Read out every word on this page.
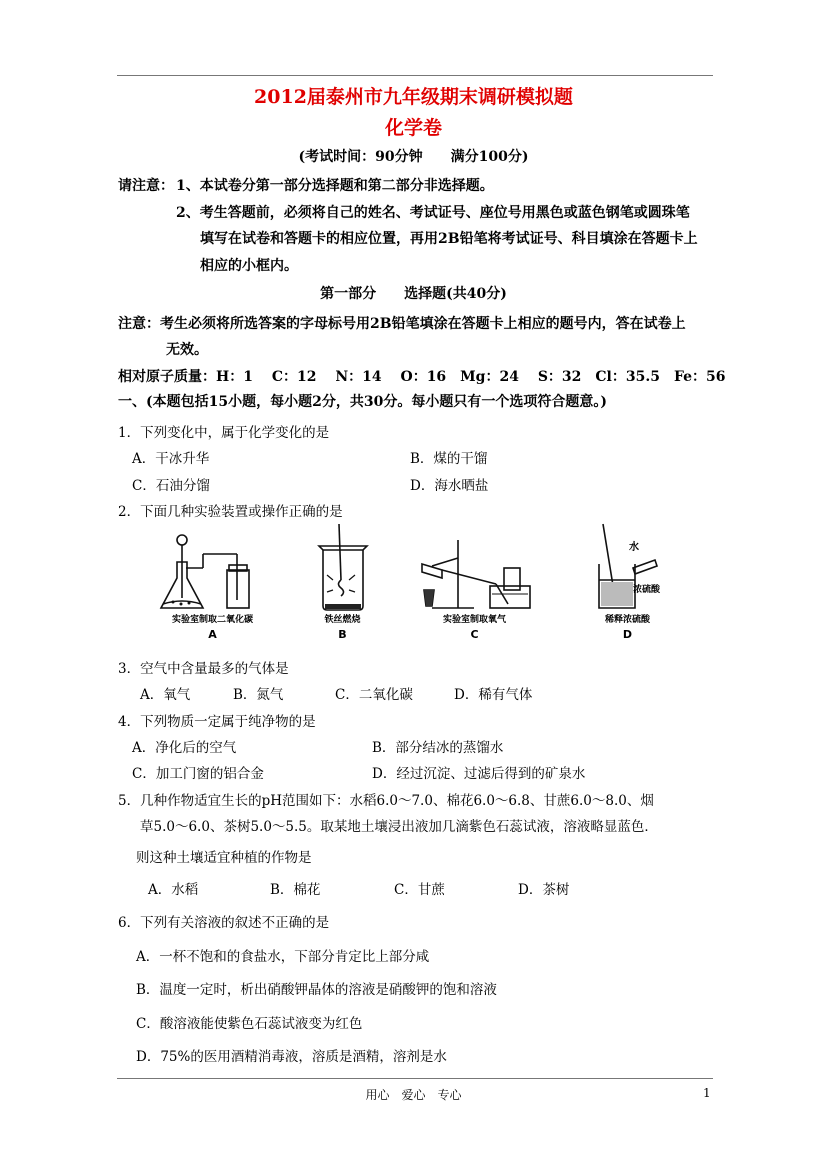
2012届泰州市九年级期末调研模拟题
化学卷
(考试时间：90分钟　　满分100分)
请注意： 1、本试卷分第一部分选择题和第二部分非选择题。
2、考生答题前，必须将自己的姓名、考试证号、座位号用黑色或蓝色钢笔或圆珠笔
填写在试卷和答题卡的相应位置，再用2B铅笔将考试证号、科目填涂在答题卡上
相应的小框内。
第一部分　　选择题(共40分)
注意：考生必须将所选答案的字母标号用2B铅笔填涂在答题卡上相应的题号内，答在试卷上
无效。
相对原子质量：H：1　 C：12　 N：14　 O：16　Mg：24　 S：32　Cl：35.5　Fe：56
一、(本题包括15小题，每小题2分，共30分。每小题只有一个选项符合题意。)
1．下列变化中，属于化学变化的是
A．干冰升华	B．煤的干馏
C．石油分馏	D．海水晒盐
2．下面几种实验装置或操作正确的是
实验室制取二氧化碳
A
铁丝燃烧
B
实验室制取氧气
C
水
浓硫酸
稀释浓硫酸
D
3．空气中含量最多的气体是
A．氧气	B．氮气	C．二氧化碳	D．稀有气体
4．下列物质一定属于纯净物的是
A．净化后的空气	B．部分结冰的蒸馏水
C．加工门窗的铝合金	D．经过沉淀、过滤后得到的矿泉水
5．几种作物适宜生长的pH范围如下：水稻6.0～7.0、棉花6.0～6.8、甘蔗6.0～8.0、烟
草5.0～6.0、茶树5.0～5.5。取某地土壤浸出液加几滴紫色石蕊试液，溶液略显蓝色．
则这种土壤适宜种植的作物是
A．水稻	B．棉花	C．甘蔗	D．茶树
6．下列有关溶液的叙述不正确的是
A．一杯不饱和的食盐水，下部分肯定比上部分咸
B．温度一定时，析出硝酸钾晶体的溶液是硝酸钾的饱和溶液
C．酸溶液能使紫色石蕊试液变为红色
D．75%的医用酒精消毒液，溶质是酒精，溶剂是水
用心　爱心　专心	1
